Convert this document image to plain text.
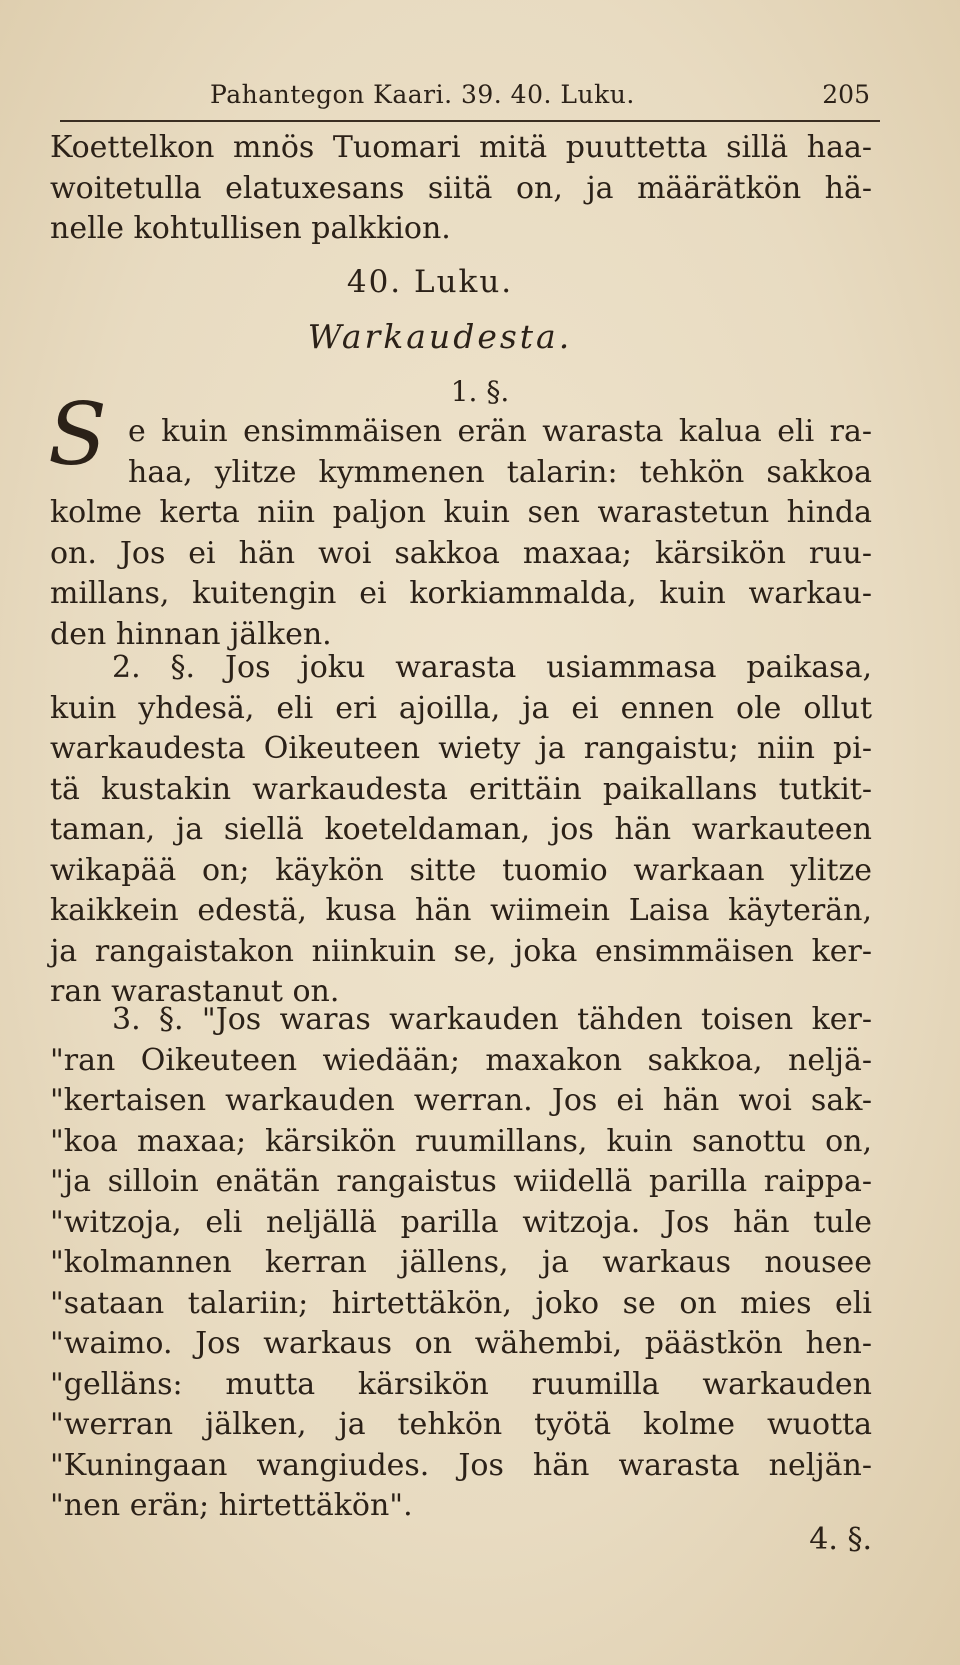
Pahantegon Kaari. 39. 40. Luku.	205
Koettelkon mnös Tuomari mitä puuttetta sillä haa-
woitetulla elatuxesans siitä on, ja määrätkön hä-
nelle kohtullisen palkkion.
40. Luku.
Warkaudesta.
1. §.
S e kuin ensimmäisen erän warasta kalua eli ra-
haa, ylitze kymmenen talarin: tehkön sakkoa
kolme kerta niin paljon kuin sen warastetun hinda
on. Jos ei hän woi sakkoa maxaa; kärsikön ruu-
millans, kuitengin ei korkiammalda, kuin warkau-
den hinnan jälken.
2. §. Jos joku warasta usiammasa paikasa,
kuin yhdesä, eli eri ajoilla, ja ei ennen ole ollut
warkaudesta Oikeuteen wiety ja rangaistu; niin pi-
tä kustakin warkaudesta erittäin paikallans tutkit-
taman, ja siellä koeteldaman, jos hän warkauteen
wikapää on; käykön sitte tuomio warkaan ylitze
kaikkein edestä, kusa hän wiimein Laisa käyterän,
ja rangaistakon niinkuin se, joka ensimmäisen ker-
ran warastanut on.
3. §. "Jos waras warkauden tähden toisen ker-
"ran Oikeuteen wiedään; maxakon sakkoa, neljä-
"kertaisen warkauden werran. Jos ei hän woi sak-
"koa maxaa; kärsikön ruumillans, kuin sanottu on,
"ja silloin enätän rangaistus wiidellä parilla raippa-
"witzoja, eli neljällä parilla witzoja. Jos hän tule
"kolmannen kerran jällens, ja warkaus nousee
"sataan talariin; hirtettäkön, joko se on mies eli
"waimo. Jos warkaus on wähembi, päästkön hen-
"gelläns: mutta kärsikön ruumilla warkauden
"werran jälken, ja tehkön työtä kolme wuotta
"Kuningaan wangiudes. Jos hän warasta neljän-
"nen erän; hirtettäkön".
4. §.
